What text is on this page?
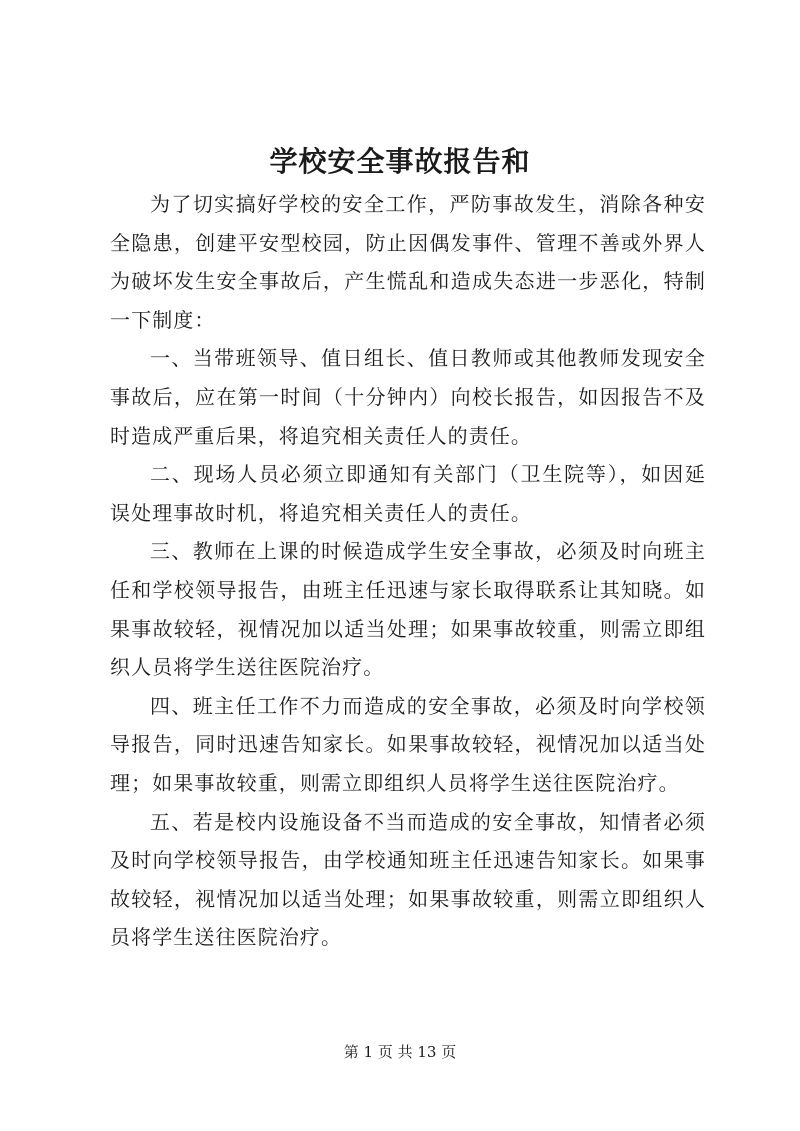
学校安全事故报告和

为了切实搞好学校的安全工作，严防事故发生，消除各种安全隐患，创建平安型校园，防止因偶发事件、管理不善或外界人为破坏发生安全事故后，产生慌乱和造成失态进一步恶化，特制一下制度：

一、当带班领导、值日组长、值日教师或其他教师发现安全事故后，应在第一时间（十分钟内）向校长报告，如因报告不及时造成严重后果，将追究相关责任人的责任。

二、现场人员必须立即通知有关部门（卫生院等），如因延误处理事故时机，将追究相关责任人的责任。

三、教师在上课的时候造成学生安全事故，必须及时向班主任和学校领导报告，由班主任迅速与家长取得联系让其知晓。如果事故较轻，视情况加以适当处理；如果事故较重，则需立即组织人员将学生送往医院治疗。

四、班主任工作不力而造成的安全事故，必须及时向学校领导报告，同时迅速告知家长。如果事故较轻，视情况加以适当处理；如果事故较重，则需立即组织人员将学生送往医院治疗。

五、若是校内设施设备不当而造成的安全事故，知情者必须及时向学校领导报告，由学校通知班主任迅速告知家长。如果事故较轻，视情况加以适当处理；如果事故较重，则需立即组织人员将学生送往医院治疗。

第 1 页 共 13 页
